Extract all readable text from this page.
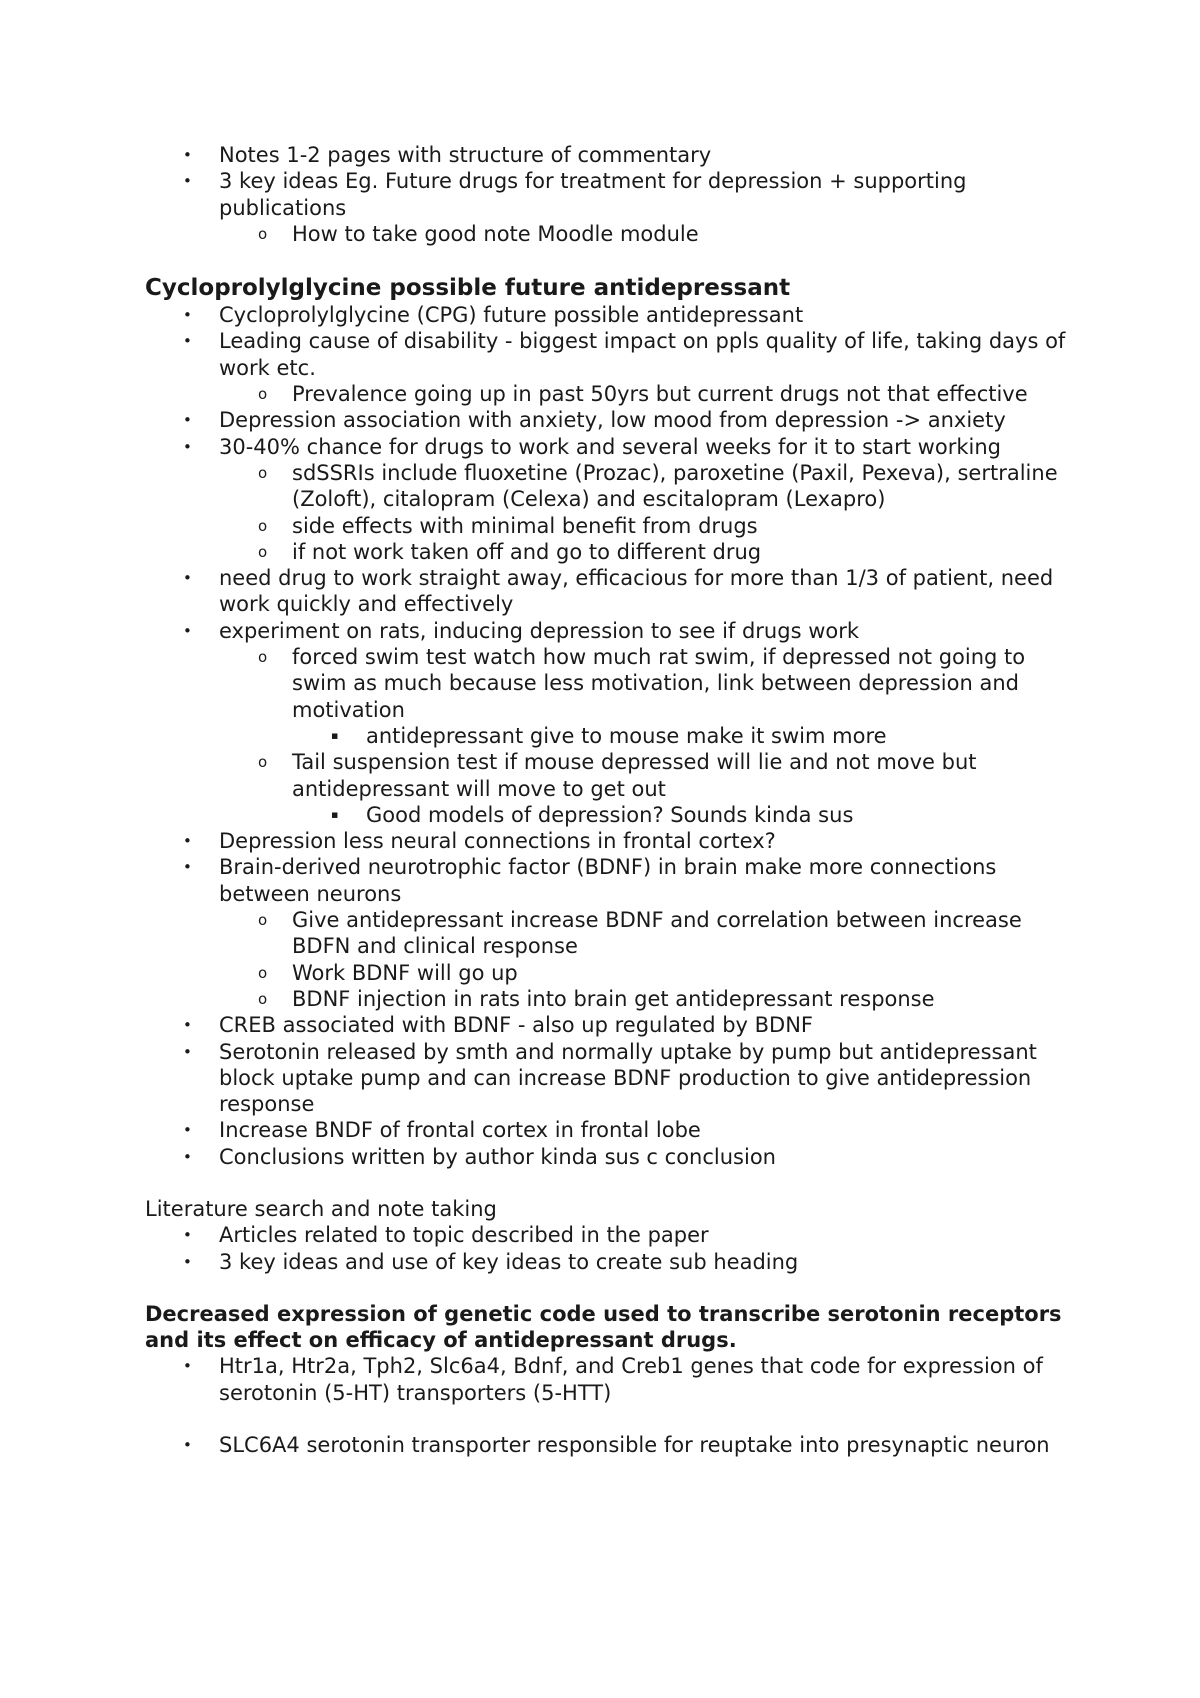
• Notes 1-2 pages with structure of commentary
• 3 key ideas Eg. Future drugs for treatment for depression + supporting publications
o How to take good note Moodle module

Cycloprolylglycine possible future antidepressant

• Cycloprolylglycine (CPG) future possible antidepressant
• Leading cause of disability - biggest impact on ppls quality of life, taking days of work etc.
o Prevalence going up in past 50yrs but current drugs not that effective
• Depression association with anxiety, low mood from depression -> anxiety
• 30-40% chance for drugs to work and several weeks for it to start working
o sdSSRIs include fluoxetine (Prozac), paroxetine (Paxil, Pexeva), sertraline (Zoloft), citalopram (Celexa) and escitalopram (Lexapro)
o side effects with minimal benefit from drugs
o if not work taken off and go to different drug
• need drug to work straight away, efficacious for more than 1/3 of patient, need work quickly and effectively
• experiment on rats, inducing depression to see if drugs work
o forced swim test watch how much rat swim, if depressed not going to swim as much because less motivation, link between depression and motivation
▪ antidepressant give to mouse make it swim more
o Tail suspension test if mouse depressed will lie and not move but antidepressant will move to get out
▪ Good models of depression? Sounds kinda sus
• Depression less neural connections in frontal cortex?
• Brain-derived neurotrophic factor (BDNF) in brain make more connections between neurons
o Give antidepressant increase BDNF and correlation between increase BDFN and clinical response
o Work BDNF will go up
o BDNF injection in rats into brain get antidepressant response
• CREB associated with BDNF - also up regulated by BDNF
• Serotonin released by smth and normally uptake by pump but antidepressant block uptake pump and can increase BDNF production to give antidepression response
• Increase BNDF of frontal cortex in frontal lobe
• Conclusions written by author kinda sus c conclusion

Literature search and note taking

• Articles related to topic described in the paper
• 3 key ideas and use of key ideas to create sub heading

Decreased expression of genetic code used to transcribe serotonin receptors and its effect on efficacy of antidepressant drugs.

• Htr1a, Htr2a, Tph2, Slc6a4, Bdnf, and Creb1 genes that code for expression of serotonin (5-HT) transporters (5-HTT)
• SLC6A4 serotonin transporter responsible for reuptake into presynaptic neuron
